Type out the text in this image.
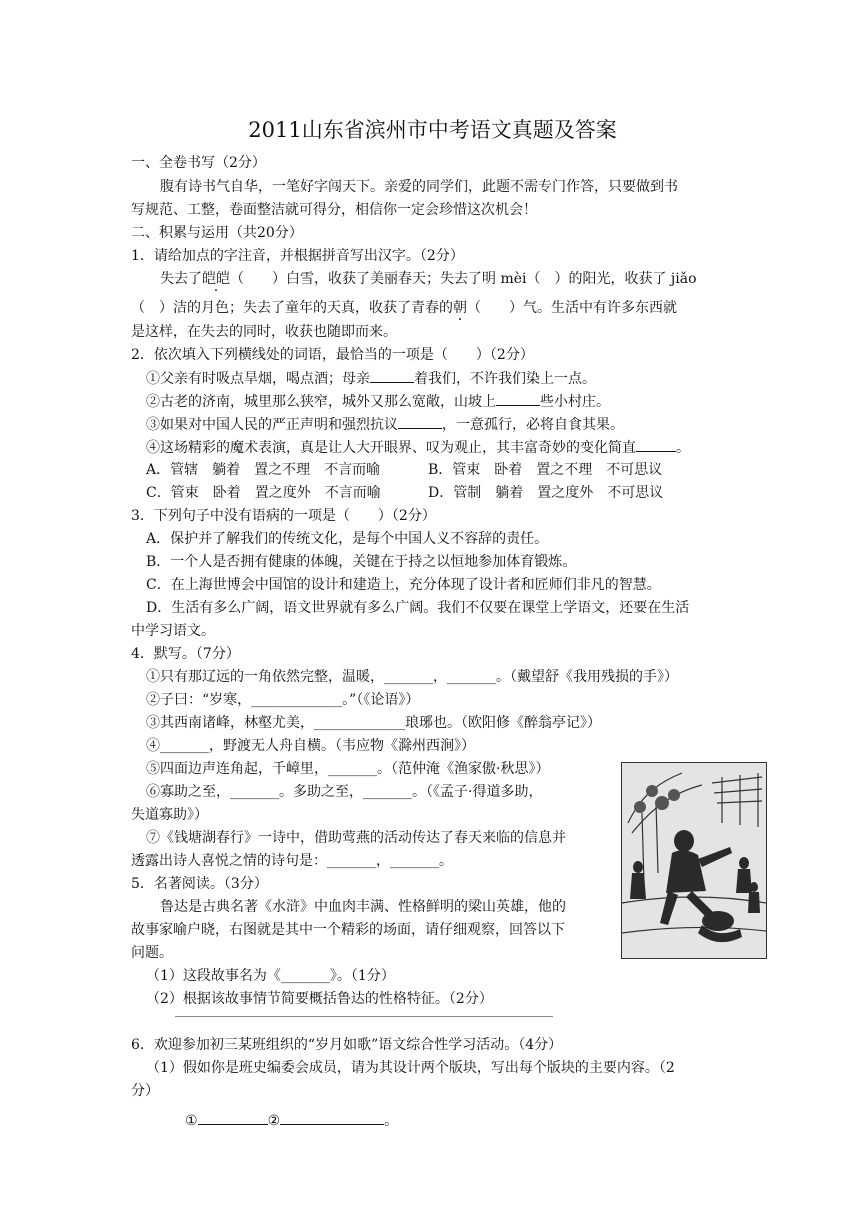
2011山东省滨州市中考语文真题及答案
一、全卷书写（2分）
腹有诗书气自华，一笔好字闯天下。亲爱的同学们，此题不需专门作答，只要做到书
写规范、工整，卷面整洁就可得分，相信你一定会珍惜这次机会！
二、积累与运用（共20分）
1．请给加点的字注音，并根据拼音写出汉字。（2分）
失去了皑皑（　　）白雪，收获了美丽春天；失去了明 mèi（　）的阳光，收获了 jiǎo
（　）洁的月色；失去了童年的天真，收获了青春的朝（　　）气。生活中有许多东西就
是这样，在失去的同时，收获也随即而来。
2．依次填入下列横线处的词语，最恰当的一项是（　　）（2分）
①父亲有时吸点旱烟，喝点酒；母亲	着我们，不许我们染上一点。
②古老的济南，城里那么狭窄，城外又那么宽敞，山坡上	些小村庄。
③如果对中国人民的严正声明和强烈抗议	，一意孤行，必将自食其果。
④这场精彩的魔术表演，真是让人大开眼界、叹为观止，其丰富奇妙的变化简直	。
A．管辖　躺着　置之不理　不言而喻	B．管束　卧着　置之不理　不可思议
C．管束　卧着　置之度外　不言而喻	D．管制　躺着　置之度外　不可思议
3．下列句子中没有语病的一项是（　　）（2分）
A．保护并了解我们的传统文化，是每个中国人义不容辞的责任。
B．一个人是否拥有健康的体魄，关键在于持之以恒地参加体育锻炼。
C．在上海世博会中国馆的设计和建造上，充分体现了设计者和匠师们非凡的智慧。
D．生活有多么广阔，语文世界就有多么广阔。我们不仅要在课堂上学语文，还要在生活
中学习语文。
4．默写。（7分）
①只有那辽远的一角依然完整，温暖，_______，_______。（戴望舒《我用残损的手》）
②子曰：“岁寒，_____________。”（《论语》）
③其西南诸峰，林壑尤美，_____________琅琊也。（欧阳修《醉翁亭记》）
④_______，野渡无人舟自横。（韦应物《滁州西涧》）
⑤四面边声连角起，千嶂里，_______。（范仲淹《渔家傲·秋思》）
⑥寡助之至，_______。多助之至，_______。（《孟子·得道多助，
失道寡助》）
⑦《钱塘湖春行》一诗中，借助莺燕的活动传达了春天来临的信息并
透露出诗人喜悦之情的诗句是：_______，_______。
5．名著阅读。（3分）
鲁达是古典名著《水浒》中血肉丰满、性格鲜明的梁山英雄，他的
故事家喻户晓，右图就是其中一个精彩的场面，请仔细观察，回答以下
问题。
（1）这段故事名为《_______》。（1分）
（2）根据该故事情节简要概括鲁达的性格特征。（2分）
6．欢迎参加初三某班组织的“岁月如歌”语文综合性学习活动。（4分）
（1）假如你是班史编委会成员，请为其设计两个版块，写出每个版块的主要内容。（2
分）
①	②	。
